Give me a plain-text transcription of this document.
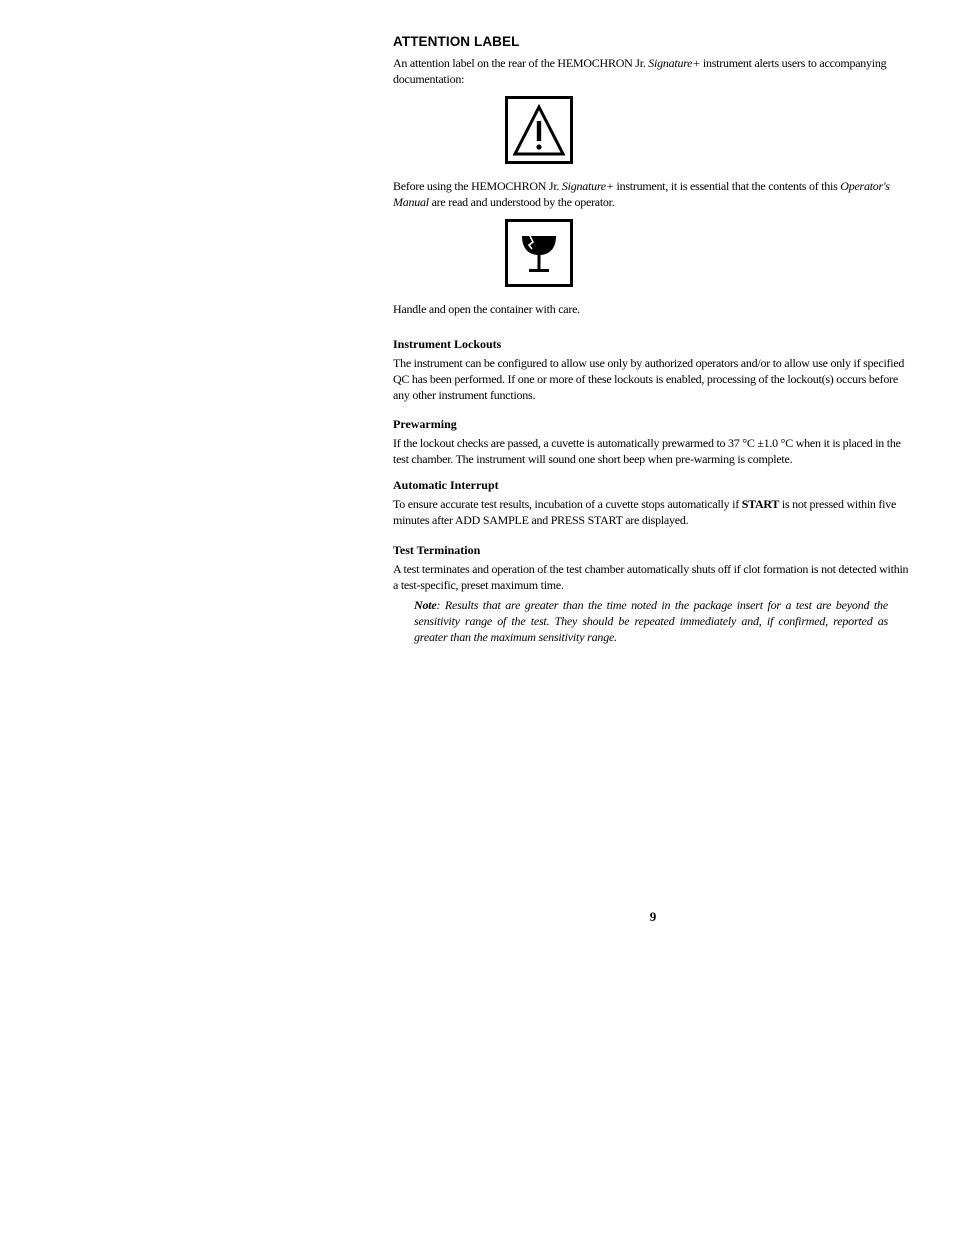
ATTENTION LABEL

An attention label on the rear of the HEMOCHRON Jr. Signature+ instrument alerts users to accompanying documentation:

Before using the HEMOCHRON Jr. Signature+ instrument, it is essential that the contents of this Operator's Manual are read and understood by the operator.

Handle and open the container with care.

Instrument Lockouts

The instrument can be configured to allow use only by authorized operators and/or to allow use only if specified QC has been performed. If one or more of these lockouts is enabled, processing of the lockout(s) occurs before any other instrument functions.

Prewarming

If the lockout checks are passed, a cuvette is automatically prewarmed to 37 °C ±1.0 °C when it is placed in the test chamber. The instrument will sound one short beep when pre-warming is complete.

Automatic Interrupt

To ensure accurate test results, incubation of a cuvette stops automatically if START is not pressed within five minutes after ADD SAMPLE and PRESS START are displayed.

Test Termination

A test terminates and operation of the test chamber automatically shuts off if clot formation is not detected within a test-specific, preset maximum time.

Note: Results that are greater than the time noted in the package insert for a test are beyond the sensitivity range of the test. They should be repeated immediately and, if confirmed, reported as greater than the maximum sensitivity range.

9
